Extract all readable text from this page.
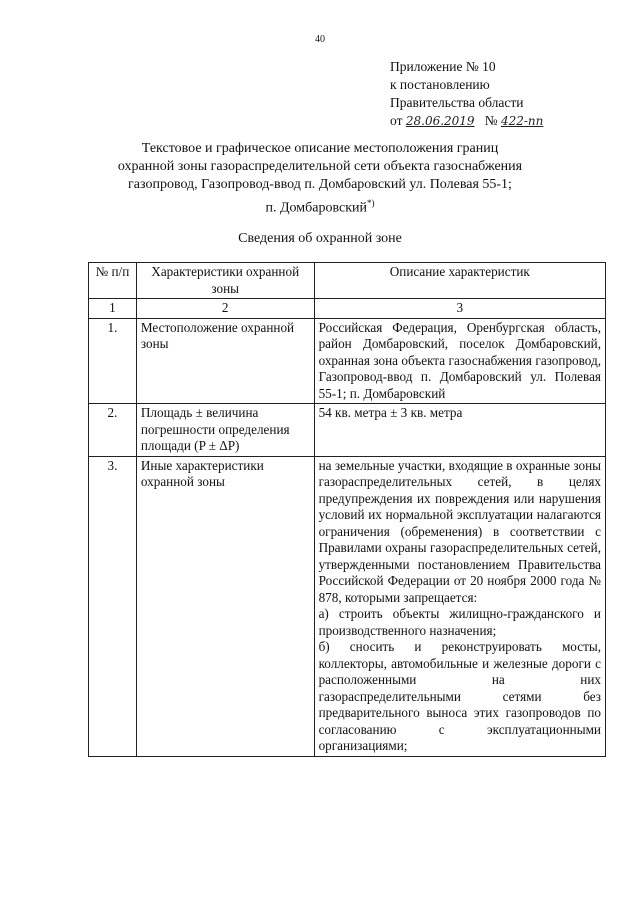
40
Приложение № 10
к постановлению
Правительства области
от 28.06.2019 № 422-пп
Текстовое и графическое описание местоположения границ
охранной зоны газораспределительной сети объекта газоснабжения
газопровод, Газопровод-ввод п. Домбаровский ул. Полевая 55-1;
п. Домбаровский*)
Сведения об охранной зоне
№ п/п	Характеристики охранной зоны	Описание характеристик
1	2	3
1.	Местоположение охранной зоны	Российская Федерация, Оренбургская область, район Домбаровский, поселок Домбаровский, охранная зона объекта газоснабжения газопровод, Газопровод-ввод п. Домбаровский ул. Полевая 55-1; п. Домбаровский
2.	Площадь ± величина погрешности определения площади (P ± ΔP)	54 кв. метра ± 3 кв. метра
3.	Иные характеристики охранной зоны	на земельные участки, входящие в охранные зоны газораспределительных сетей, в целях предупреждения их повреждения или нарушения условий их нормальной эксплуатации налагаются ограничения (обременения) в соответствии с Правилами охраны газораспределительных сетей, утвержденными постановлением Правительства Российской Федерации от 20 ноября 2000 года № 878, которыми запрещается:
а) строить объекты жилищно-гражданского и производственного назначения;
б) сносить и реконструировать мосты, коллекторы, автомобильные и железные дороги с расположенными на них газораспределительными сетями без предварительного выноса этих газопроводов по согласованию с эксплуатационными организациями;
